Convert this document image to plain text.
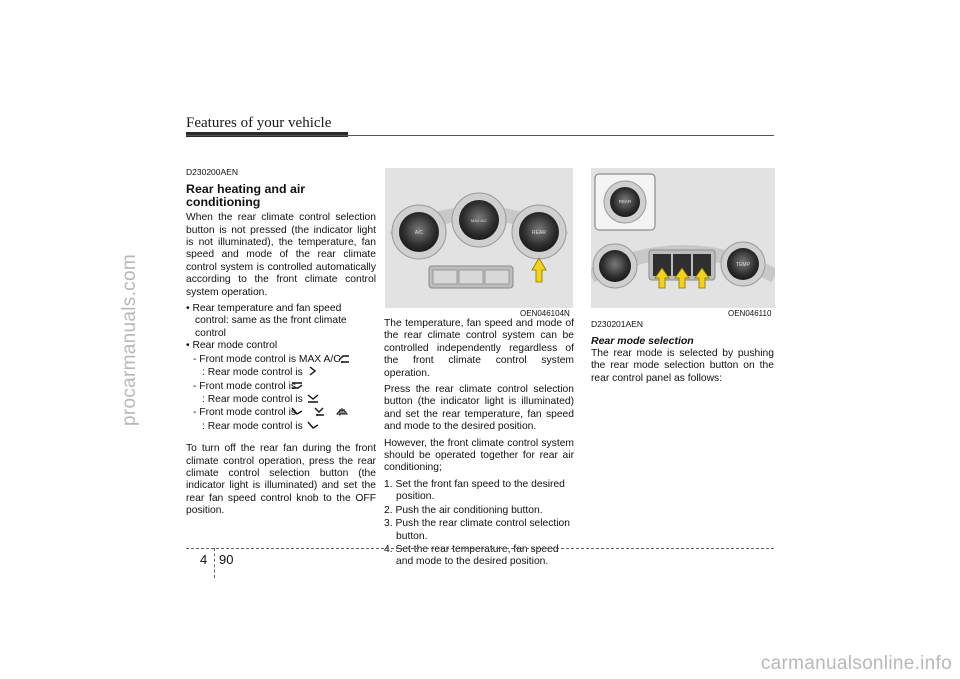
Features of your vehicle
procarmanuals.com
carmanualsonline.info
D230200AEN
Rear heating and air conditioning

When the rear climate control selection button is not pressed (the indicator light is not illuminated), the temperature, fan speed and mode of the rear climate control system is controlled automatically according to the front climate control system operation.

• Rear temperature and fan speed control: same as the front climate control
• Rear mode control
- Front mode control is MAX A/C,
: Rear mode control is
- Front mode control is
: Rear mode control is
- Front mode control is , ,
: Rear mode control is

To turn off the rear fan during the front climate control operation, press the rear climate control selection button (the indicator light is illuminated) and set the rear fan speed control knob to the OFF position.

A/C
MAX A/C
REAR
OEN046104N

The temperature, fan speed and mode of the rear climate control system can be controlled independently regardless of the front climate control system operation.

Press the rear climate control selection button (the indicator light is illuminated) and set the rear temperature, fan speed and mode to the desired position.

However, the front climate control system should be operated together for rear air conditioning;

1. Set the front fan speed to the desired position.
2. Push the air conditioning button.
3. Push the rear climate control selection button.
4. Set the rear temperature, fan speed and mode to the desired position.
REAR
TEMP
OEN046110
D230201AEN
Rear mode selection

The rear mode is selected by pushing the rear mode selection button on the rear control panel as follows:

4 90
